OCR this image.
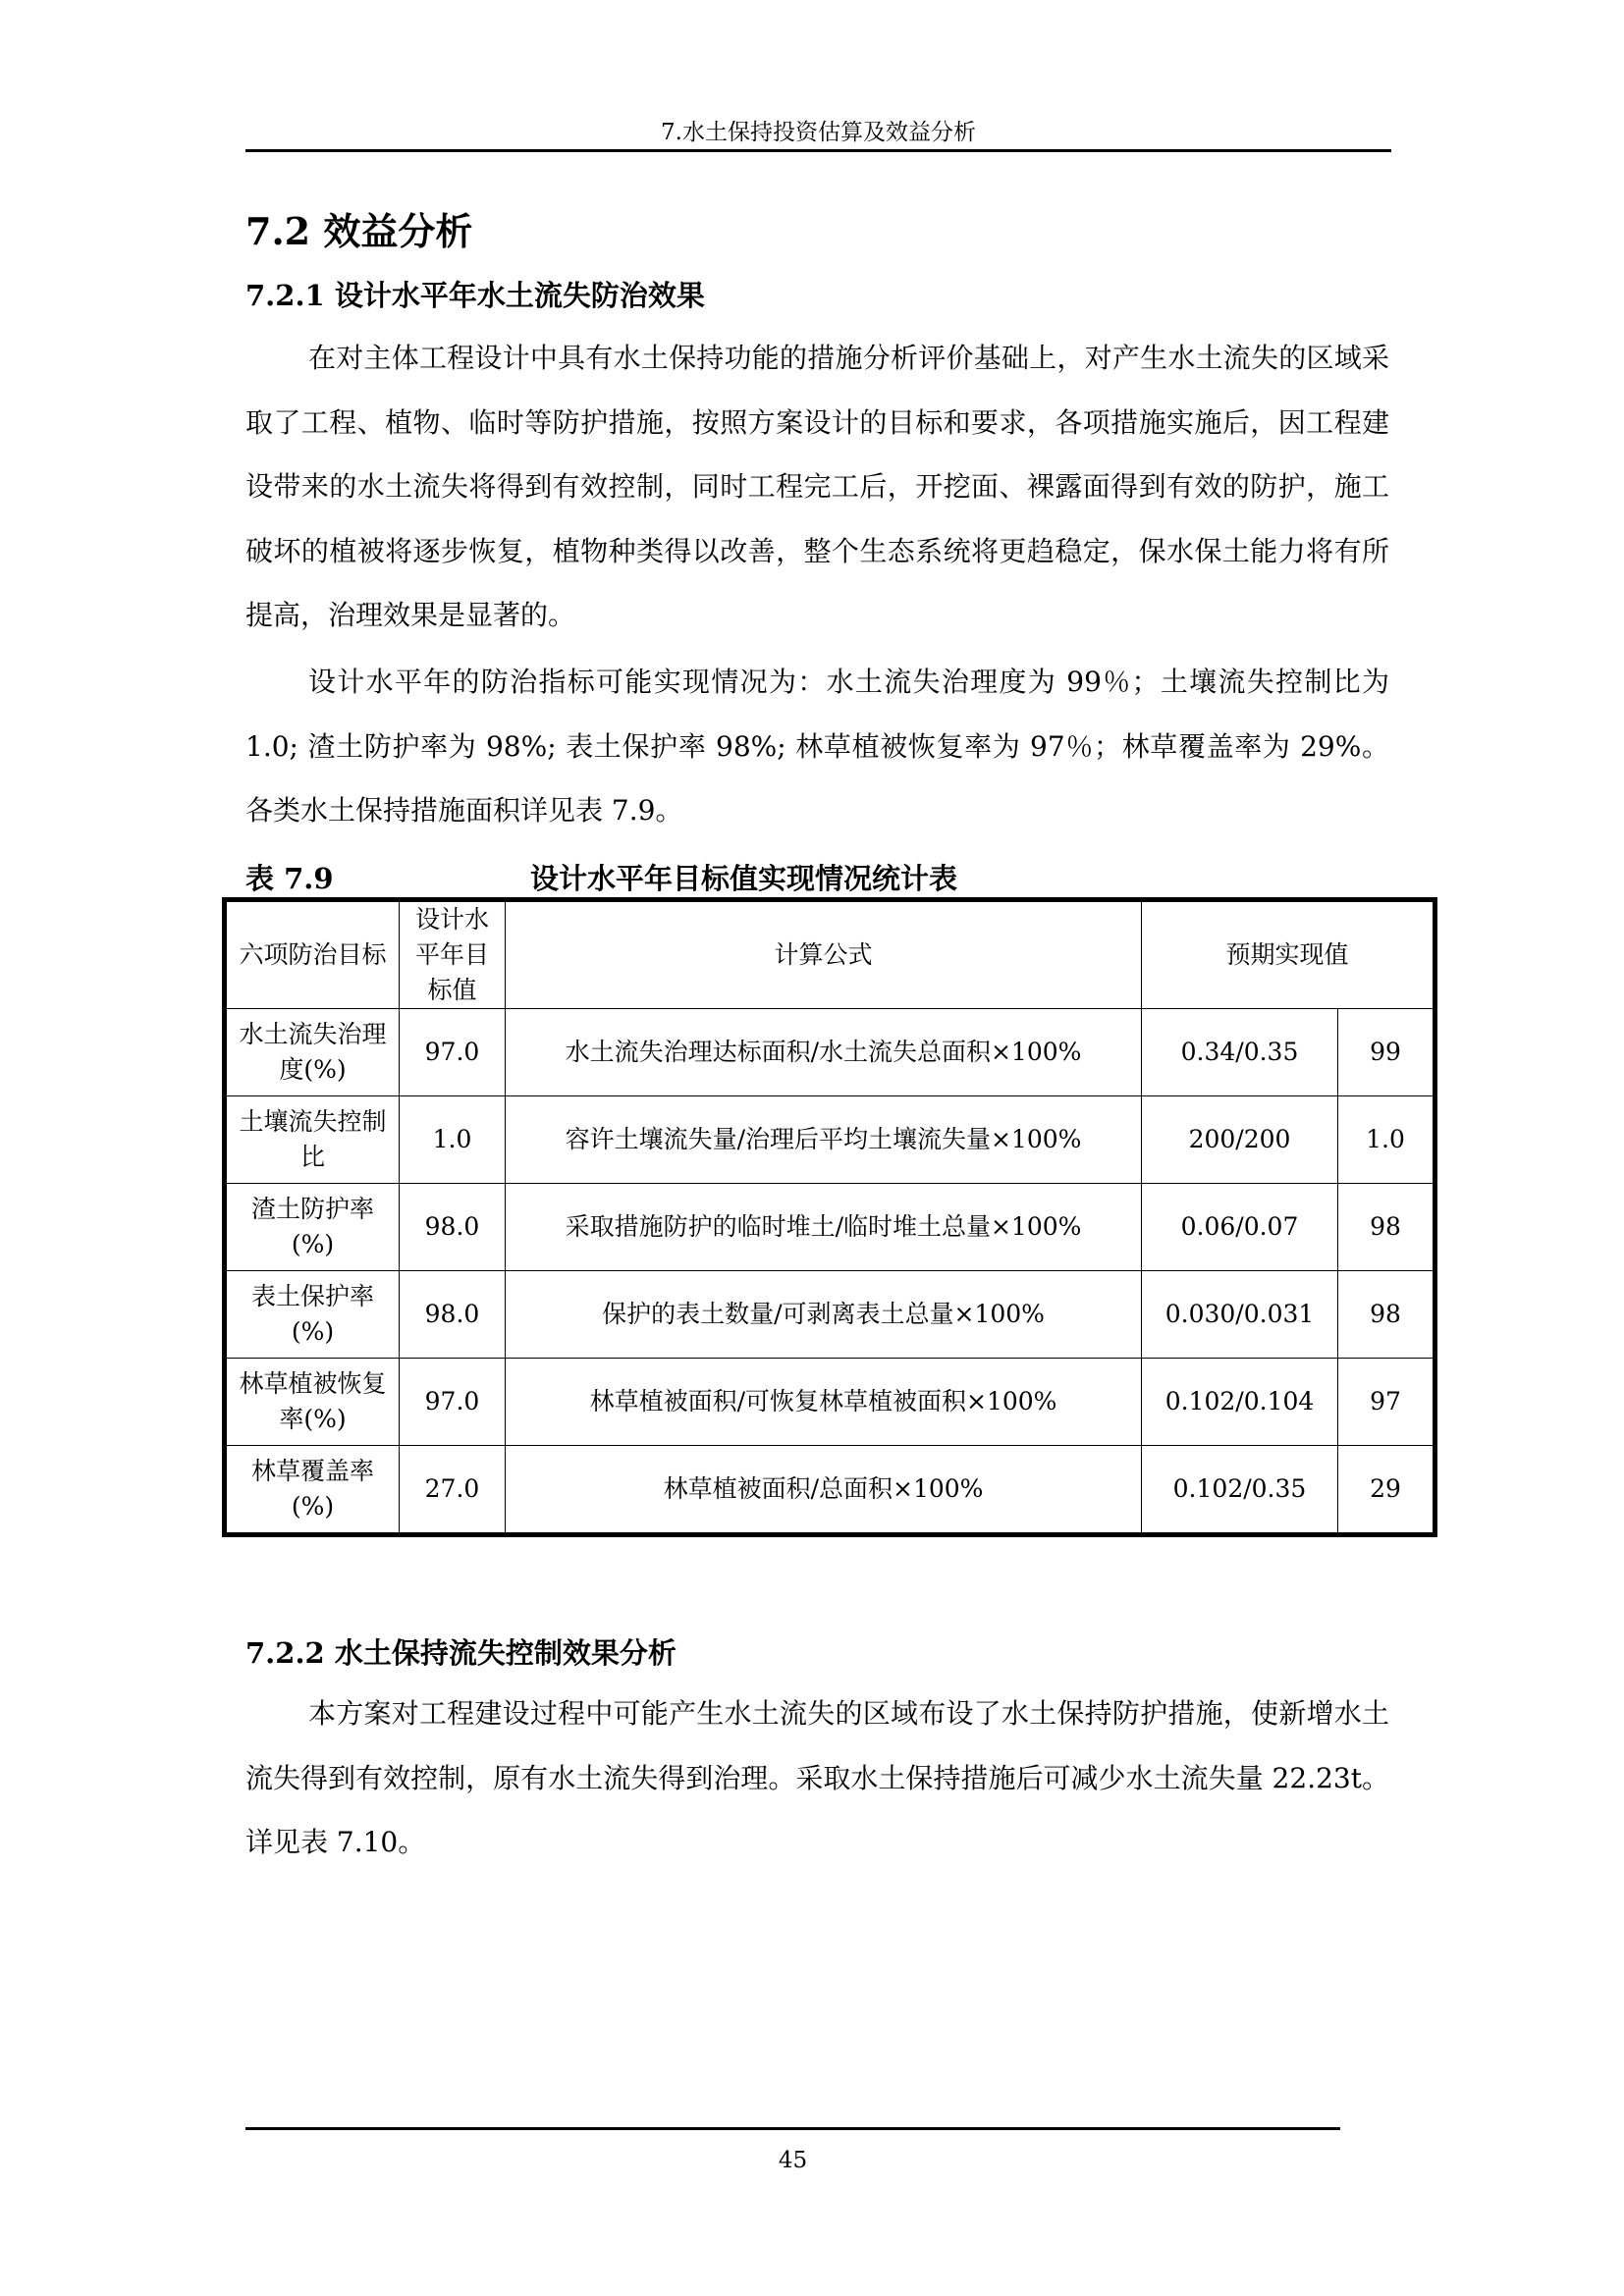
7.水土保持投资估算及效益分析
7.2 效益分析
7.2.1 设计水平年水土流失防治效果
在对主体工程设计中具有水土保持功能的措施分析评价基础上，对产生水土流失的区域采取了工程、植物、临时等防护措施，按照方案设计的目标和要求，各项措施实施后，因工程建设带来的水土流失将得到有效控制，同时工程完工后，开挖面、裸露面得到有效的防护，施工破坏的植被将逐步恢复，植物种类得以改善，整个生态系统将更趋稳定，保水保土能力将有所提高，治理效果是显著的。
设计水平年的防治指标可能实现情况为：水土流失治理度为 99％；土壤流失控制比为 1.0; 渣土防护率为 98%; 表土保护率 98%; 林草植被恢复率为 97％；林草覆盖率为 29%。各类水土保持措施面积详见表 7.9。
表 7.9	设计水平年目标值实现情况统计表
六项防治目标	设计水平年目标值	计算公式	预期实现值	
水土流失治理度(%)	97.0	水土流失治理达标面积/水土流失总面积×100%	0.34/0.35	99
土壤流失控制比	1.0	容许土壤流失量/治理后平均土壤流失量×100%	200/200	1.0
渣土防护率(%)	98.0	采取措施防护的临时堆土/临时堆土总量×100%	0.06/0.07	98
表土保护率(%)	98.0	保护的表土数量/可剥离表土总量×100%	0.030/0.031	98
林草植被恢复率(%)	97.0	林草植被面积/可恢复林草植被面积×100%	0.102/0.104	97
林草覆盖率(%)	27.0	林草植被面积/总面积×100%	0.102/0.35	29
7.2.2 水土保持流失控制效果分析
本方案对工程建设过程中可能产生水土流失的区域布设了水土保持防护措施，使新增水土流失得到有效控制，原有水土流失得到治理。采取水土保持措施后可减少水土流失量 22.23t。详见表 7.10。
45
